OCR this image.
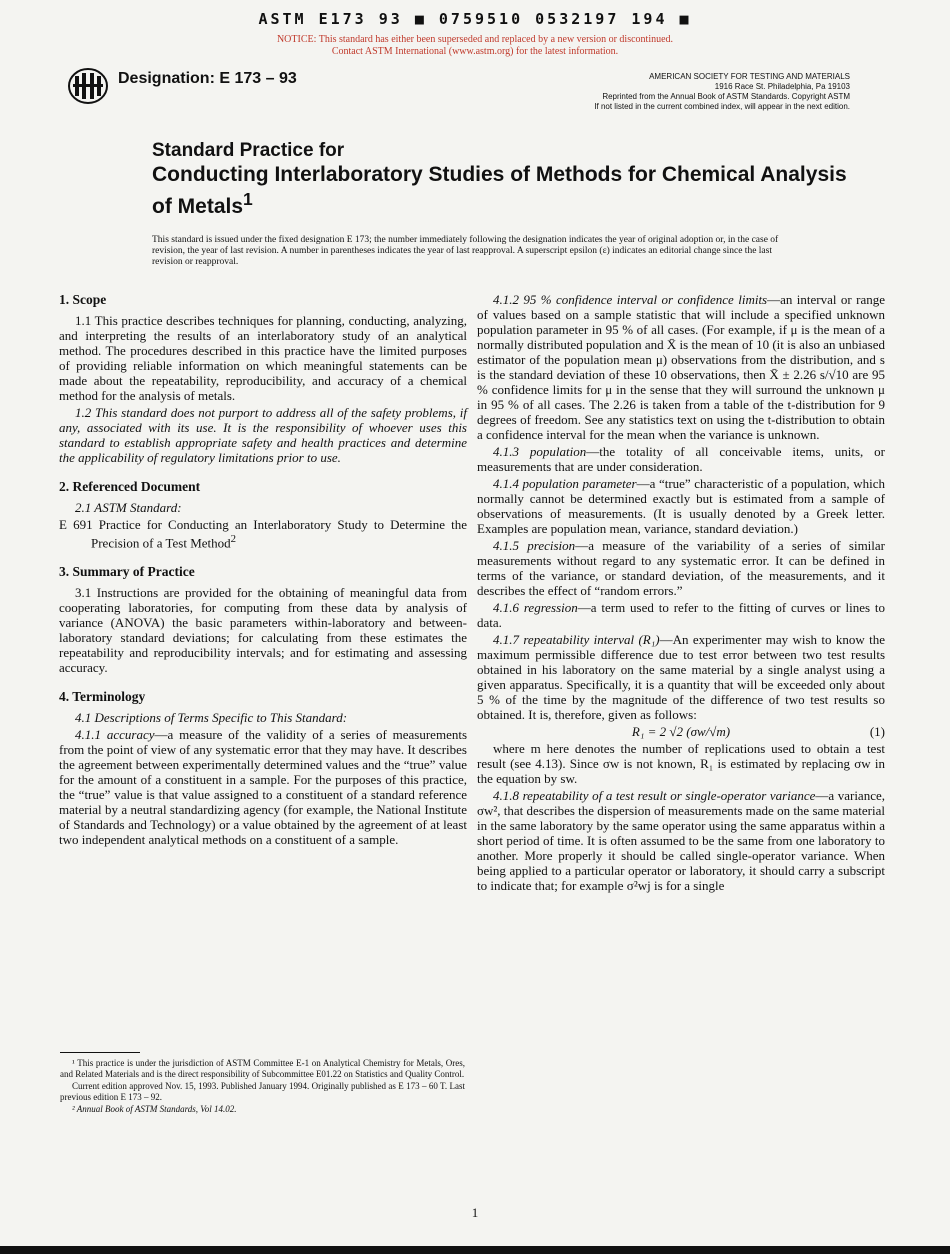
ASTM E173 93 ■ 0759510 0532197 194 ■
NOTICE: This standard has either been superseded and replaced by a new version or discontinued.
Contact ASTM International (www.astm.org) for the latest information.
Designation: E 173 – 93	AMERICAN SOCIETY FOR TESTING AND MATERIALS
1916 Race St. Philadelphia, Pa 19103
Reprinted from the Annual Book of ASTM Standards. Copyright ASTM
If not listed in the current combined index, will appear in the next edition.
Standard Practice for
Conducting Interlaboratory Studies of Methods for Chemical Analysis of Metals$^1$
This standard is issued under the fixed designation E 173; the number immediately following the designation indicates the year of original adoption or, in the case of revision, the year of last revision. A number in parentheses indicates the year of last reapproval. A superscript epsilon (ε) indicates an editorial change since the last revision or reapproval.
1. Scope

1.1 This practice describes techniques for planning, conducting, analyzing, and interpreting the results of an interlaboratory study of an analytical method. The procedures described in this practice have the limited purposes of providing reliable information on which meaningful statements can be made about the repeatability, reproducibility, and accuracy of a chemical method for the analysis of metals.

1.2 This standard does not purport to address all of the safety problems, if any, associated with its use. It is the responsibility of whoever uses this standard to establish appropriate safety and health practices and determine the applicability of regulatory limitations prior to use.

2. Referenced Document

2.1 ASTM Standard:

E 691 Practice for Conducting an Interlaboratory Study to Determine the Precision of a Test Method$^2$

3. Summary of Practice

3.1 Instructions are provided for the obtaining of meaningful data from cooperating laboratories, for computing from these data by analysis of variance (ANOVA) the basic parameters within-laboratory and between-laboratory standard deviations; for calculating from these estimates the repeatability and reproducibility intervals; and for estimating and assessing accuracy.

4. Terminology

4.1 Descriptions of Terms Specific to This Standard:

4.1.1 accuracy—a measure of the validity of a series of measurements from the point of view of any systematic error that they may have. It describes the agreement between experimentally determined values and the “true” value for the amount of a constituent in a sample. For the purposes of this practice, the “true” value is that value assigned to a constituent of a standard reference material by a neutral standardizing agency (for example, the National Institute of Standards and Technology) or a value obtained by the agreement of at least two independent analytical methods on a constituent of a sample.

4.1.2 95 % confidence interval or confidence limits—an interval or range of values based on a sample statistic that will include a specified unknown population parameter in 95 % of all cases. (For example, if μ is the mean of a normally distributed population and X̄ is the mean of 10 (it is also an unbiased estimator of the population mean μ) observations from the distribution, and s is the standard deviation of these 10 observations, then X̄ ± 2.26 s/√10 are 95 % confidence limits for μ in the sense that they will surround the unknown μ in 95 % of all cases. The 2.26 is taken from a table of the t-distribution for 9 degrees of freedom. See any statistics text on using the t-distribution to obtain a confidence interval for the mean when the variance is unknown.

4.1.3 population—the totality of all conceivable items, units, or measurements that are under consideration.

4.1.4 population parameter—a “true” characteristic of a population, which normally cannot be determined exactly but is estimated from a sample of observations of measurements. (It is usually denoted by a Greek letter. Examples are population mean, variance, standard deviation.)

4.1.5 precision—a measure of the variability of a series of similar measurements without regard to any systematic error. It can be defined in terms of the variance, or standard deviation, of the measurements, and it describes the effect of “random errors.”

4.1.6 regression—a term used to refer to the fitting of curves or lines to data.

4.1.7 repeatability interval (R₁)—An experimenter may wish to know the maximum permissible difference due to test error between two test results obtained in his laboratory on the same material by a single analyst using a given apparatus. Specifically, it is a quantity that will be exceeded only about 5 % of the time by the magnitude of the difference of two test results so obtained. It is, therefore, given as follows:

R₁ = 2 √2 (σw/√m)	(1)

where m here denotes the number of replications used to obtain a test result (see 4.13). Since σw is not known, R₁ is estimated by replacing σw in the equation by sw.

4.1.8 repeatability of a test result or single-operator variance—a variance, σw², that describes the dispersion of measurements made on the same material in the same laboratory by the same operator using the same apparatus within a short period of time. It is often assumed to be the same from one laboratory to another. More properly it should be called single-operator variance. When being applied to a particular operator or laboratory, it should carry a subscript to indicate that; for example σ²wj is for a single

¹ This practice is under the jurisdiction of ASTM Committee E-1 on Analytical Chemistry for Metals, Ores, and Related Materials and is the direct responsibility of Subcommittee E01.22 on Statistics and Quality Control.

Current edition approved Nov. 15, 1993. Published January 1994. Originally published as E 173 – 60 T. Last previous edition E 173 – 92.

² Annual Book of ASTM Standards, Vol 14.02.

1
